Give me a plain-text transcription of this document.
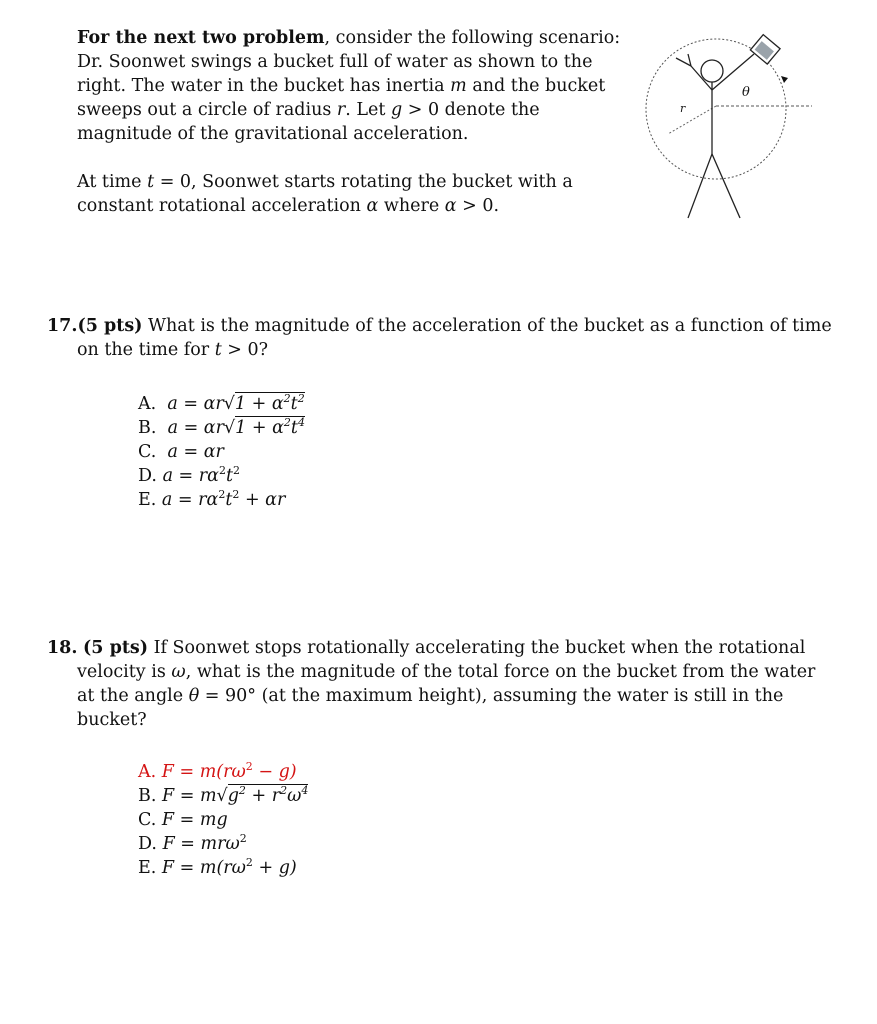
For the next two problem, consider the following scenario:
Dr. Soonwet swings a bucket full of water as shown to the
right. The water in the bucket has inertia m and the bucket
sweeps out a circle of radius r. Let g > 0 denote the
magnitude of the gravitational acceleration.
At time t = 0, Soonwet starts rotating the bucket with a
constant rotational acceleration α where α > 0.
r
θ
17.(5 pts) What is the magnitude of the acceleration of the bucket as a function of time
on the time for t > 0?
A. $a = \alpha r√1 + \alpha^2t^2$
B. $a = \alpha r√1 + \alpha^2t^4$
C. a = αr
D. $a = r\alpha^2t^2$
E. $a = r\alpha^2t^2 + \alpha r$
18. (5 pts) If Soonwet stops rotationally accelerating the bucket when the rotational
velocity is ω, what is the magnitude of the total force on the bucket from the water
at the angle θ = 90° (at the maximum height), assuming the water is still in the
bucket?
A. $F = m(r\omega^2 - g)$
B. $F = m√g^2 + r^2\omega^4$
C. F = mg
D. F = mrω$^2$
E. $F = m(r\omega^2 + g)$
